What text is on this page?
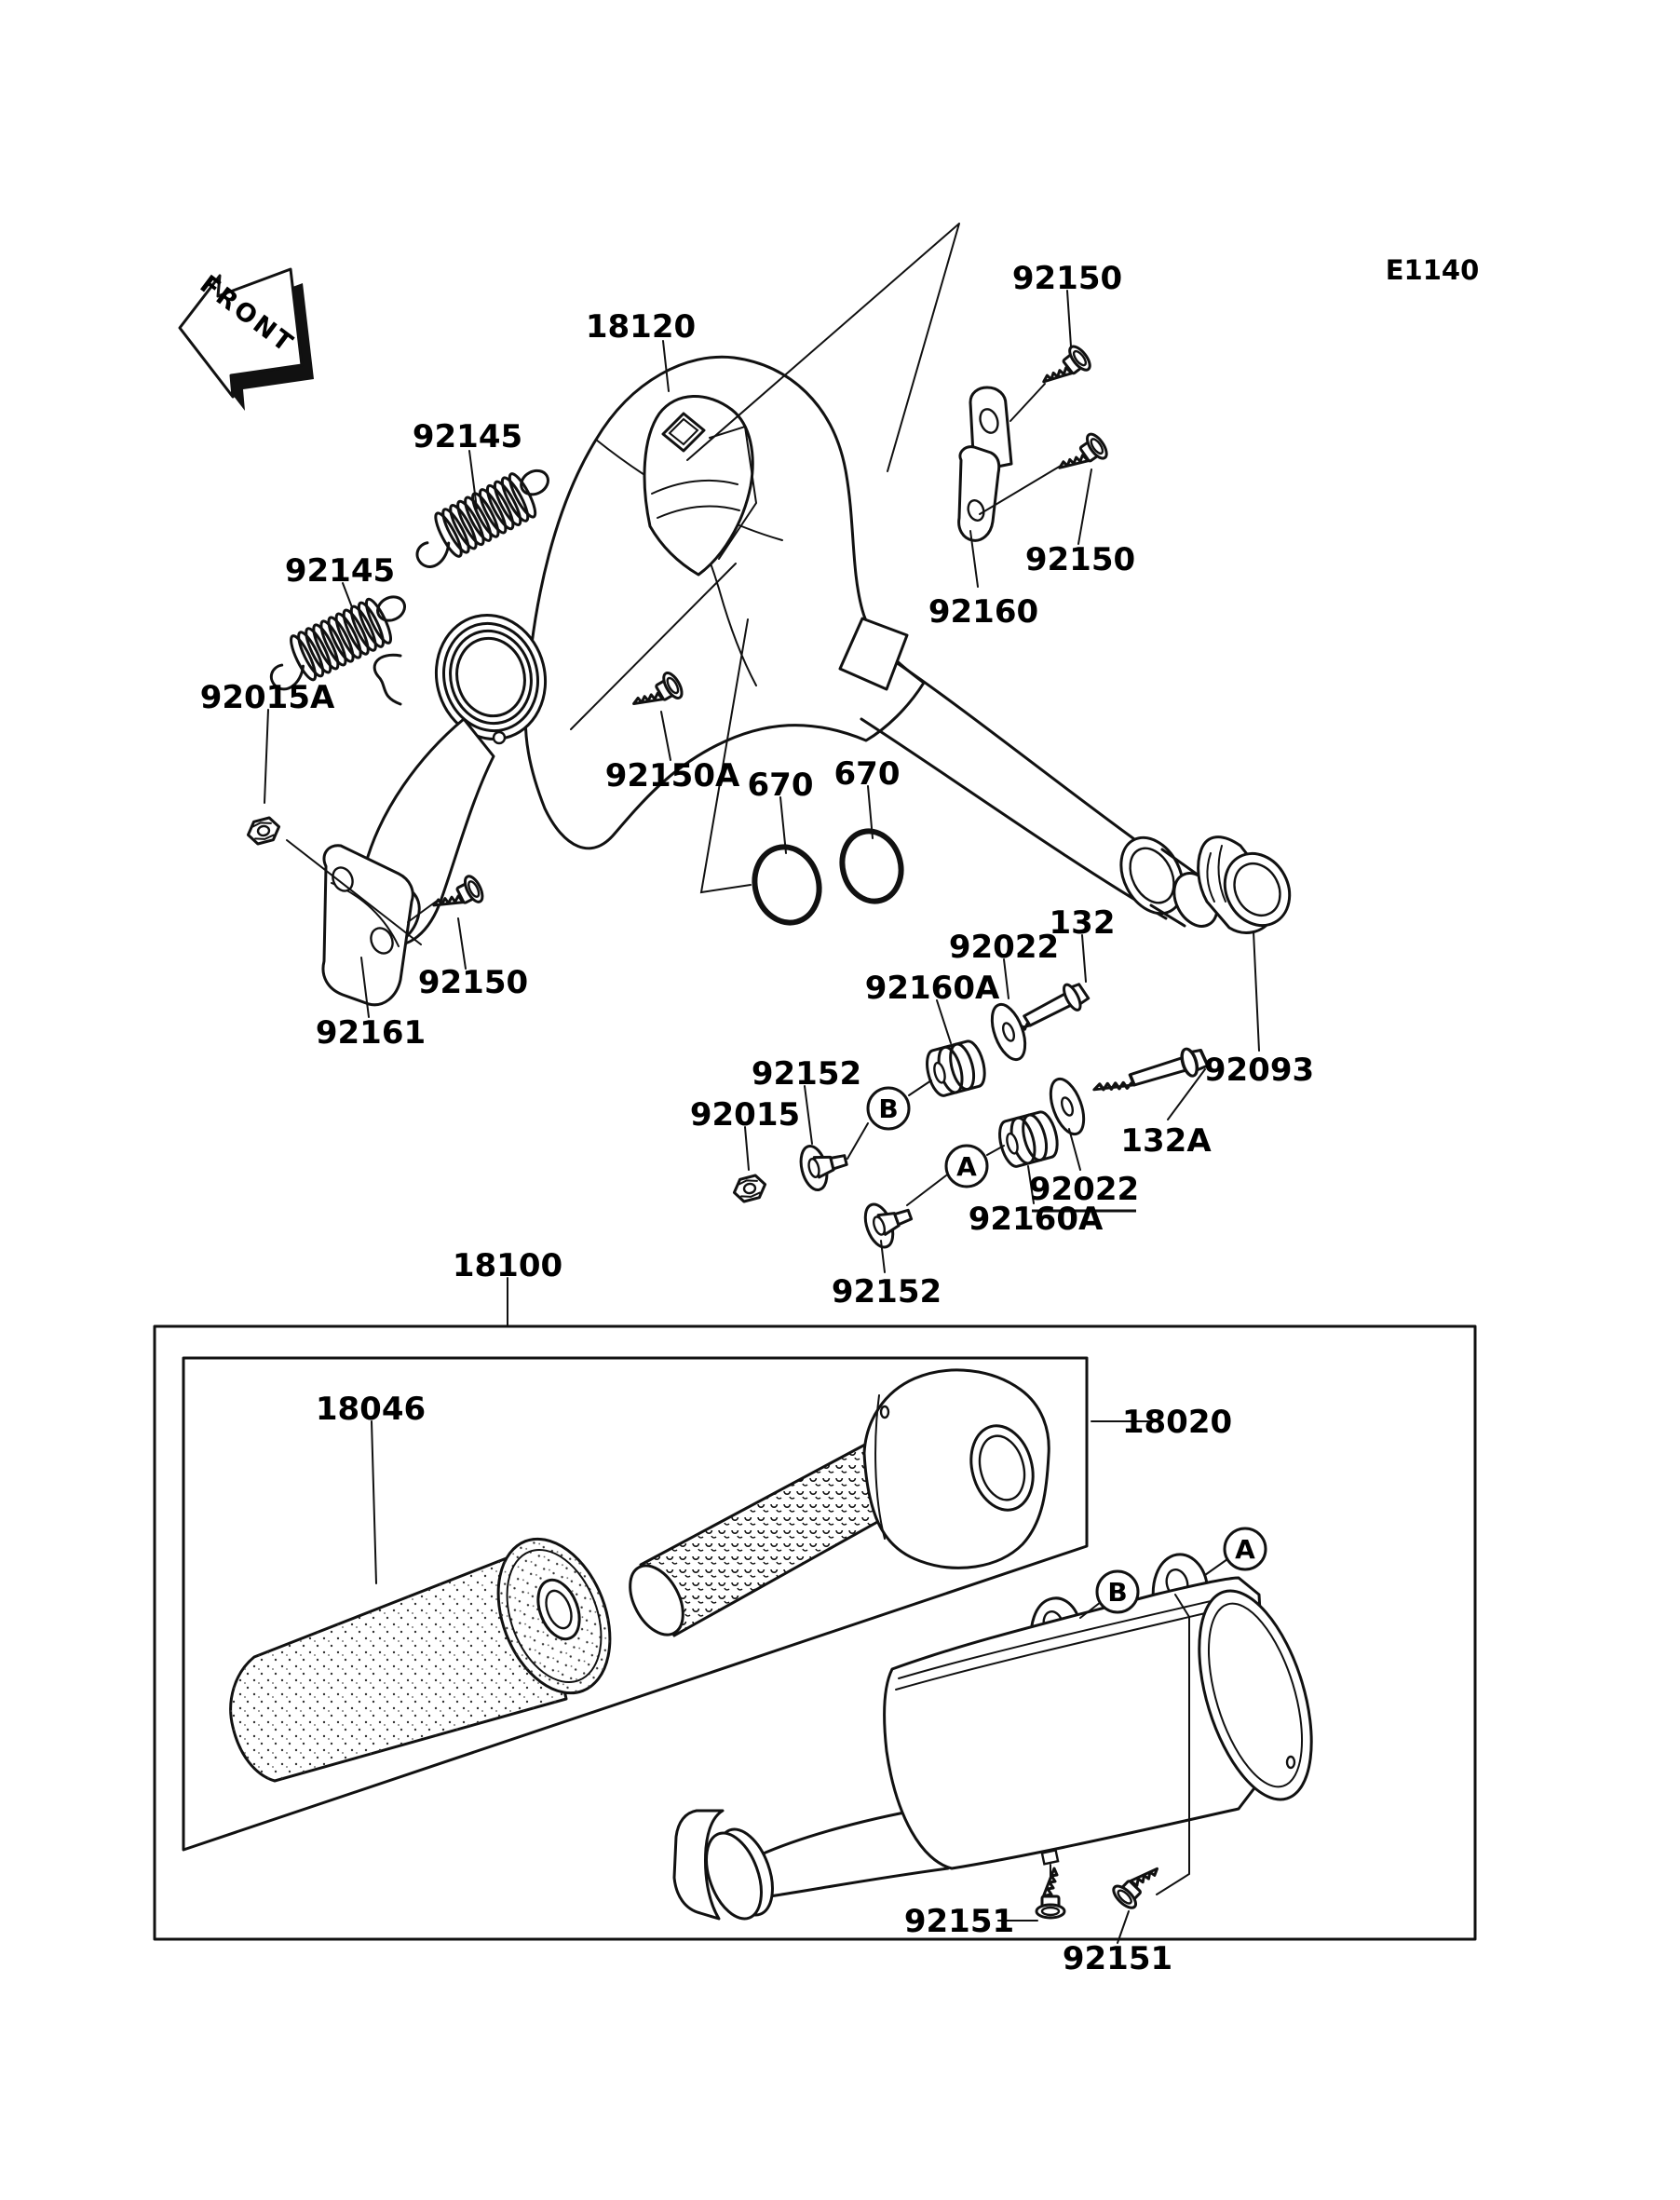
FRONT	E1140
A
B
A
B
18120
92145
92145
92150
92150
92160
92015A
92150A 670 670
92150
92161
92022
132
92093
92160A
92152
92015
132A
92022
92160A
92152
18100
18020
18046
92151
92151
